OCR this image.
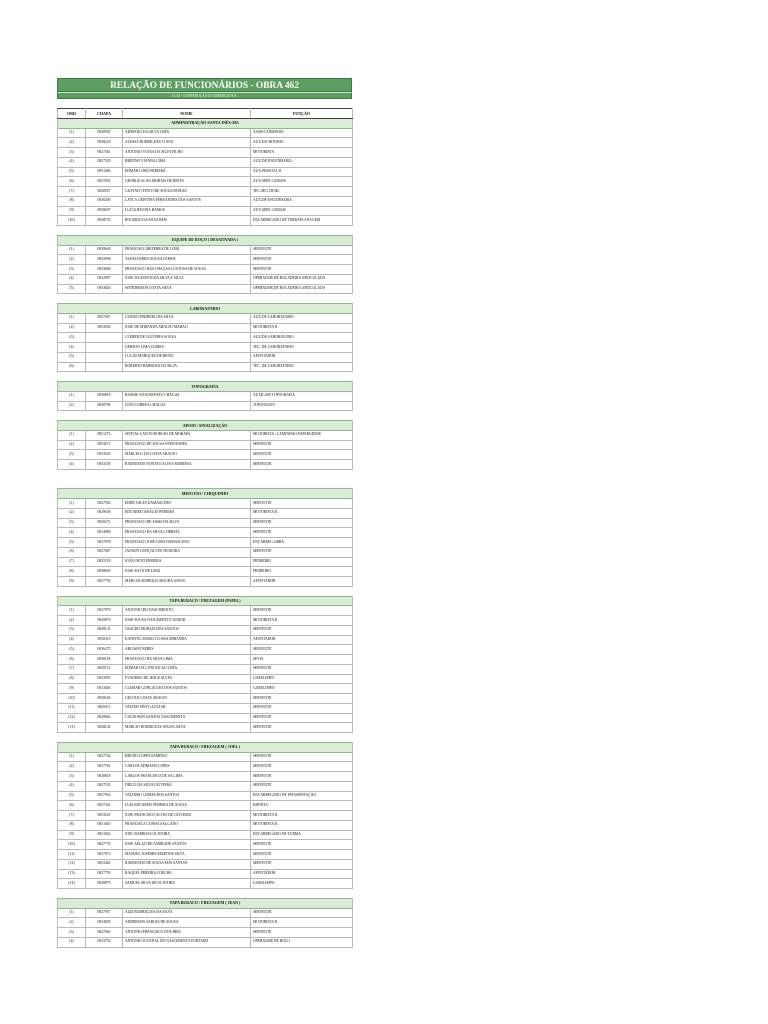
RELAÇÃO DE FUNCIONÁRIOS - OBRA 462
LCM - CONSTRUÇÃO E COMERCIO S/A
ORD	CHAPA	NOME	FUNÇÃO
ADMINISTRAÇÃO-SANTA INÊS-MA			
(1)	0828591	ADRIANO DA SILVA LIMA	ASSIST.ADMINIST.
(2)	0838218	ALESSA RODRIGUES COSTA	AUX.ESCRITORIO
(3)	0827561	ANTONIO VIANA DA SILVA FILHO	MOTORISTA
(4)	0827529	BRENNO VIANNA LIMA	AUX.DE ENGENHARIA
(5)	0831464	EDMAR LOBO PEREIRA	AUX.PESSOAL II
(6)	0827691	GEORGE ALAN MORAIS DE BRITO	AUX.SERV. GERAIS
(7)	0828557	GUSTAVO PINTO DE SOUZA PAIXAO	TEC.SEG.TRAB.
(8)	0838200	LAYLA CRISTINA FERNANDES DOS SANTOS	AUX.DE ENGENHARIA
(9)	0838637	LUCIA REGINA RAMOS	AUX.SERV. GERAIS
(10)	0838735	ROGERIO DA SILVA REIS	ENCARREGADO DE TERRAPLANAGEM

EQUIPE DE ROÇO ( DESATIVADA )			
(1)	0829649	FRANCISCO BEZERRA DE LIMA	SERVENTE
(2)	0832058	ALESSANDRO SOUSA LEMOS	SERVENTE
(3)	0833840	FRANCISCO DAS CHAGAS LUSTOSA DE SOUSA	SERVENTE
(4)	0832097	JOSE DA MATOS DA SILVA E SILVA	OPERADOR DE ROCADEIRA ARTICULADA
(5)	0833826	WENDERSON COSTA SILVA	OPERADOR DE ROCADEIRA ARTICULADA

LABORATORIO			
(1)	0827697	CICERO PINHEIRO DA SILVA	AUX.DE LABORATORIO
(2)	0833856	JOSE DE MIRANDA ARAUJO MARAO	MOTORISTA II
(3)		CLEBER DE OLIVEIRA SOUSA	AUX.DE LABORATORIO
(4)		GERSON LIMA GOMES	TEC. DE LABORATORIO
(5)		LUCAS MARQUES DE BRITO	APONTADOR
(6)		ROBERTO BARBOSA DA SILVA	TEC. DE LABORATORIO

TOPOGRAFIA			
(1)	0838818	BASIDE NASCIMENTO CHAGAS	AUXILIAR TOPOGRAFIA
(2)	0838700	IVAN CORREA CHAGAS	TOPOGRAFO

APOIO / SINALIZAÇÃO			
(1)	0831272	SINIVAL LAYON BORGES DE MORAES	MOTORISTA / CAMINHAO ESPARGIDOR
(2)	0833671	FRANCISCO DE SOUSA FERNANDES	SERVENTE
(3)	0833529	MARCELO DA COSTA ARAUJO	SERVENTE
(4)	0833539	RAIMUNDO NONATO ALVES MOREIRA	SERVENTE

MEIO FIO / CHIQUINHO			
(1)	0827592	EDER SALES DAMASCENO	SERVENTE
(2)	0829638	EDUARDO ARAUJO PEREIRA	MOTORISTA II
(3)	0828271	FRANCISCO DE ASSIS DA SILVA	SERVENTE
(4)	0814960	FRANCISCO DA SILVA CORREIA	SERVENTE
(5)	0827978	FRANCISCO JOSE LIMA DAMASCENO	ENCARREG.OBRA
(6)	0827667	JADSON GONÇALVES TEIXEIRA	SERVENTE
(7)	0825518	JOAO NETO PEREIRA	PEDREIRO
(8)	0838659	JOSE SILVA DE LIMA	PEDREIRO
(9)	0827754	MARCOS RODRIGO MOURA ANJOS	APONTADOR

TAPA BURACO / FREZAGEM (PAPEL)			
(1)	0827979	ANTONIO DO NASCIMENTO	SERVENTE
(2)	0829876	JOSE SOUSA NASCIMENTO JUNIOR	MOTORISTA II
(3)	0828131	OSALDO MORAIS DOS SANTOS	SERVENTE
(4)	0838316	KATRYEL MARCO LOSSA MIRANDA	APONTADOR
(5)	0836275	ARLISON NERES	SERVENTE
(6)	0838183	FRANCISCO DA SILVA LIMA	SEVIS
(7)	0829712	EDMAR DA CONCEICAO LIMA	SERVENTE
(8)	0833995	EVANDRO DE JESUS ALVES	GARI/LIMPO
(9)	0813046	CLEMAR GONÇALVES DOS SANTOS	GARI/LIMPO
(10)	0838160	GELVAN COSTA ARAUJO	SERVENTE
(11)	0829511	VALTER PINTO AGUIAR	SERVENTE
(12)	0829962	CALDOSON SANTOS NASCIMENTO	SERVENTE
(13)	0828132	MARCIO RODRIGUES SOUSA SILVA	SERVENTE

TAPA BURACO / FREZAGEM ( JOEL )			
(1)	0827742	BRUNO LOPES SAMPAIO	SERVENTE
(2)	0827761	CARLOS ADRIANO LOPES	SERVENTE
(3)	0828818	CARLOS FRANCISCO DE SA LIMA	SERVENTE
(4)	0827535	DIEGO DA SILVA OLIVEIRA	SERVENTE
(5)	0827932	VALDISIO GOMES DOS SANTOS	ENCARREGADO DE PAVIMENTAÇÃO
(6)	0827341	LUIS EDUARDO PEREIRA DE SOUSA	ESPINTA
(7)	0833521	JOSE FRANCISCO ALVES DE OLIVEIRA	MOTORISTA II
(8)	0831043	FRANCISCA CUNHA SALGADO	MOTORISTA II
(9)	0831842	JOEL BARBOSA OLIVEIRA	ENCARREGADO DE TURMA
(10)	0827776	JOSE AELAN DE ANDRADE SANTOS	SERVENTE
(11)	0827972	MANOEL JOSEMIS MARTINS SILVA	SERVENTE
(12)	0833462	RAIMUNDO DE SOUSA DOS SANTOS	SERVENTE
(13)	0827759	RAQUEL PEREIRA COELHO	APONTADOR
(14)	0828979	SAMUEL SILVA DE OLIVEIRA	GARI/LIMPO

TAPA BURACO / FREZAGEM ( JEAN )			
(1)	0827937	AZIZ RODRIGUES DA SILVA	SERVENTE
(2)	0834829	ANDERSON SABOIA DE SOUSA	MOTORISTA II
(3)	0827962	ANTONIO FRANCISCO DOS REIS	SERVENTE
(4)	0833752	ANTONIO JUVENAL DO NASCIMENTO FURTADO	OPERADOR DE ROLO
